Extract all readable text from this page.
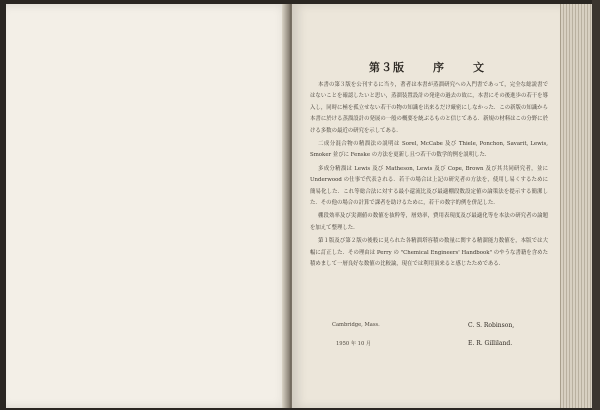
第３版	序	文

本書の第３版を公刊するに当り，著者は本書が蒸溜研究への入門書であって，完全な総説書ではないことを確認したいと思い，蒸溜装置設計の発達の過去の故に，本書にその後進歩の若干を導入し，同時に極を孤立せない若干の物の知識を出来るだけ厳密にしなかった．この新版の知識から本書に於ける蒸溜設計の発展の一般の概要を統ぶるものと信じてある．新規の材料はこの分野に於ける多数の最近の研究を示してある．

二成分混合物の精溜法の説明は Sorel, McCabe 及び Thiele, Ponchon, Savarit, Lewis, Smoker 並びに Fenske の方法を更新し且つ若干の数学的例を説明した．

多成分精溜は Lewis 及び Matheson, Lewis 及び Cope, Brown 及び其共同研究者，並に Underwood の仕事で代表される．若干の場合は上記の研究者の方法を，使用し易くするために簡易化した．これ等総合法に対する最小還流比及び最適棚段数設定値の論策法を提示する簡潔した．その他の場合の計算で課者を助けるために，若干の数字的例を併記した．

棚段効率及び実測値の数値を抜粋等，層効率，費用表現度及び最適化等を本法の研究者の論題を加えて整理した．

第１版及び第２版の後般に見られた各精溜塔容積の数量に関する精溜能力数値を，本版では大幅に訂正した．その理由は Perry の "Chemical Engineers' Handbook" のやうな書籍を含めた積めまして一層良好な数値の比較論，現在では利用頂来ると感じたためである．

Cambridge, Mass.
1950 年 10 月
C. S. Robinson,
E. R. Gilliland.
